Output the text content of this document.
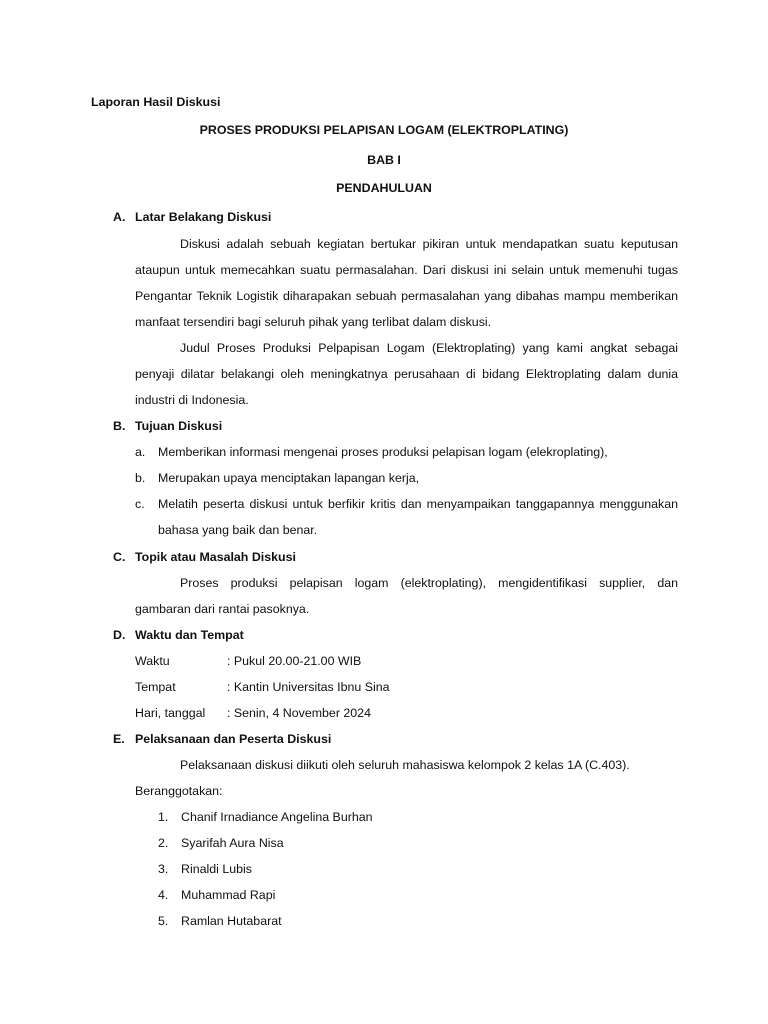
Laporan Hasil Diskusi
PROSES PRODUKSI PELAPISAN LOGAM (ELEKTROPLATING)
BAB I
PENDAHULUAN
A. Latar Belakang Diskusi
Diskusi adalah sebuah kegiatan bertukar pikiran untuk mendapatkan suatu keputusan
ataupun untuk memecahkan suatu permasalahan. Dari diskusi ini selain untuk memenuhi tugas
Pengantar Teknik Logistik diharapakan sebuah permasalahan yang dibahas mampu memberikan
manfaat tersendiri bagi seluruh pihak yang terlibat dalam diskusi.
Judul Proses Produksi Pelpapisan Logam (Elektroplating) yang kami angkat sebagai
penyaji dilatar belakangi oleh meningkatnya perusahaan di bidang Elektroplating dalam dunia
industri di Indonesia.
B. Tujuan Diskusi
a. Memberikan informasi mengenai proses produksi pelapisan logam (elekroplating),
b. Merupakan upaya menciptakan lapangan kerja,
c. Melatih peserta diskusi untuk berfikir kritis dan menyampaikan tanggapannya menggunakan
bahasa yang baik dan benar.
C. Topik atau Masalah Diskusi
Proses produksi pelapisan logam (elektroplating), mengidentifikasi supplier, dan
gambaran dari rantai pasoknya.
D. Waktu dan Tempat
Waktu	: Pukul 20.00-21.00 WIB
Tempat	: Kantin Universitas Ibnu Sina
Hari, tanggal : Senin, 4 November 2024
E. Pelaksanaan dan Peserta Diskusi
Pelaksanaan diskusi diikuti oleh seluruh mahasiswa kelompok 2 kelas 1A (C.403).
Beranggotakan:
1. Chanif Irnadiance Angelina Burhan
2. Syarifah Aura Nisa
3. Rinaldi Lubis
4. Muhammad Rapi
5. Ramlan Hutabarat
